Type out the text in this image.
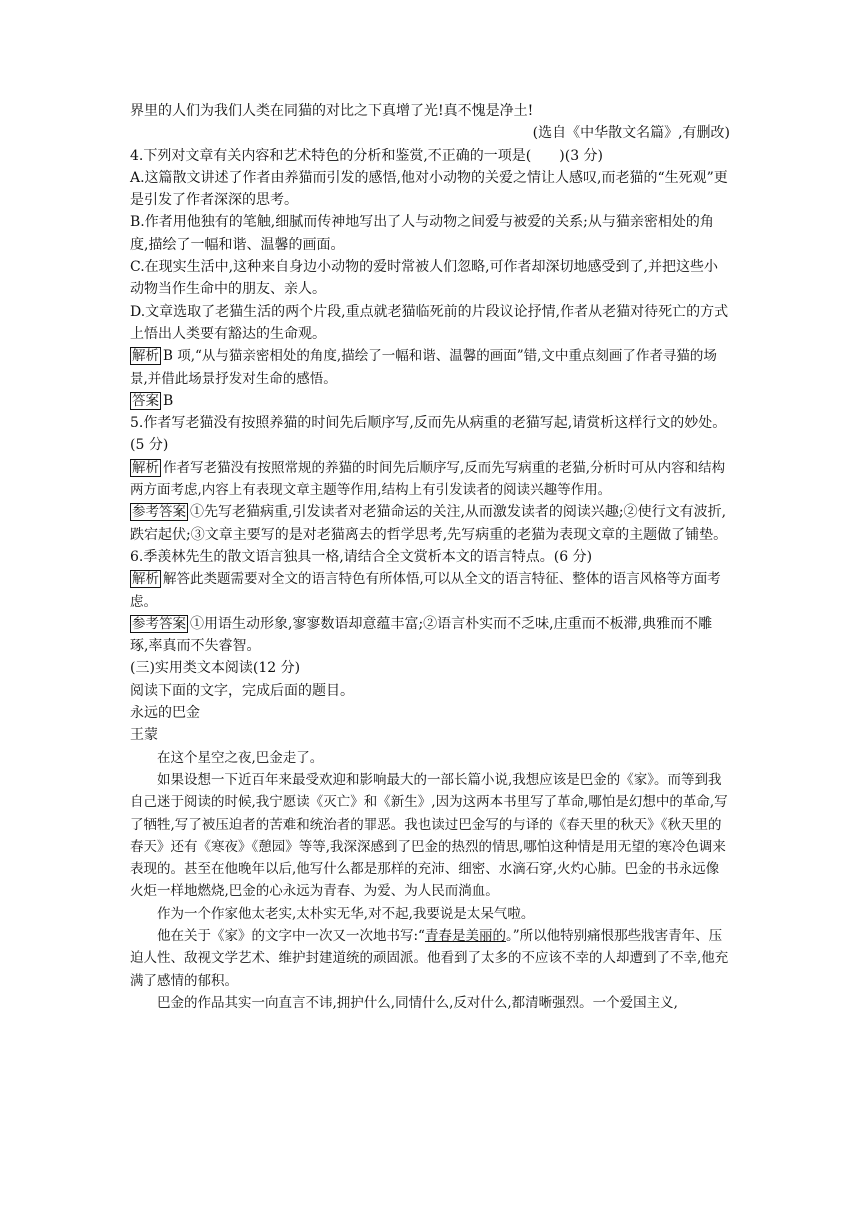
界里的人们为我们人类在同猫的对比之下真增了光!真不愧是净土!

(选自《中华散文名篇》,有删改)

4.下列对文章有关内容和艺术特色的分析和鉴赏,不正确的一项是(　　)(3 分)

A.这篇散文讲述了作者由养猫而引发的感悟,他对小动物的关爱之情让人感叹,而老猫的“生死观”更是引发了作者深深的思考。

B.作者用他独有的笔触,细腻而传神地写出了人与动物之间爱与被爱的关系;从与猫亲密相处的角度,描绘了一幅和谐、温馨的画面。

C.在现实生活中,这种来自身边小动物的爱时常被人们忽略,可作者却深切地感受到了,并把这些小动物当作生命中的朋友、亲人。

D.文章选取了老猫生活的两个片段,重点就老猫临死前的片段议论抒情,作者从老猫对待死亡的方式上悟出人类要有豁达的生命观。

解析 B 项,“从与猫亲密相处的角度,描绘了一幅和谐、温馨的画面”错,文中重点刻画了作者寻猫的场景,并借此场景抒发对生命的感悟。

答案 B

5.作者写老猫没有按照养猫的时间先后顺序写,反而先从病重的老猫写起,请赏析这样行文的妙处。(5 分)

解析 作者写老猫没有按照常规的养猫的时间先后顺序写,反而先写病重的老猫,分析时可从内容和结构两方面考虑,内容上有表现文章主题等作用,结构上有引发读者的阅读兴趣等作用。

参考答案 ①先写老猫病重,引发读者对老猫命运的关注,从而激发读者的阅读兴趣;②使行文有波折,跌宕起伏;③文章主要写的是对老猫离去的哲学思考,先写病重的老猫为表现文章的主题做了铺垫。

6.季羡林先生的散文语言独具一格,请结合全文赏析本文的语言特点。(6 分)

解析 解答此类题需要对全文的语言特色有所体悟,可以从全文的语言特征、整体的语言风格等方面考虑。

参考答案 ①用语生动形象,寥寥数语却意蕴丰富;②语言朴实而不乏味,庄重而不板滞,典雅而不雕琢,率真而不失睿智。

(三)实用类文本阅读(12 分)

阅读下面的文字，完成后面的题目。

永远的巴金

王蒙

在这个星空之夜,巴金走了。

如果设想一下近百年来最受欢迎和影响最大的一部长篇小说,我想应该是巴金的《家》。而等到我自己迷于阅读的时候,我宁愿读《灭亡》和《新生》,因为这两本书里写了革命,哪怕是幻想中的革命,写了牺牲,写了被压迫者的苦难和统治者的罪恶。我也读过巴金写的与译的《春天里的秋天》《秋天里的春天》还有《寒夜》《憩园》等等,我深深感到了巴金的热烈的情思,哪怕这种情是用无望的寒冷色调来表现的。甚至在他晚年以后,他写什么都是那样的充沛、细密、水滴石穿,火灼心肺。巴金的书永远像火炬一样地燃烧,巴金的心永远为青春、为爱、为人民而淌血。

作为一个作家他太老实,太朴实无华,对不起,我要说是太呆气啦。

他在关于《家》的文字中一次又一次地书写:“青春是美丽的。”所以他特别痛恨那些戕害青年、压迫人性、敌视文学艺术、维护封建道统的顽固派。他看到了太多的不应该不幸的人却遭到了不幸,他充满了感情的郁积。

巴金的作品其实一向直言不讳,拥护什么,同情什么,反对什么,都清晰强烈。一个爱国主义,
